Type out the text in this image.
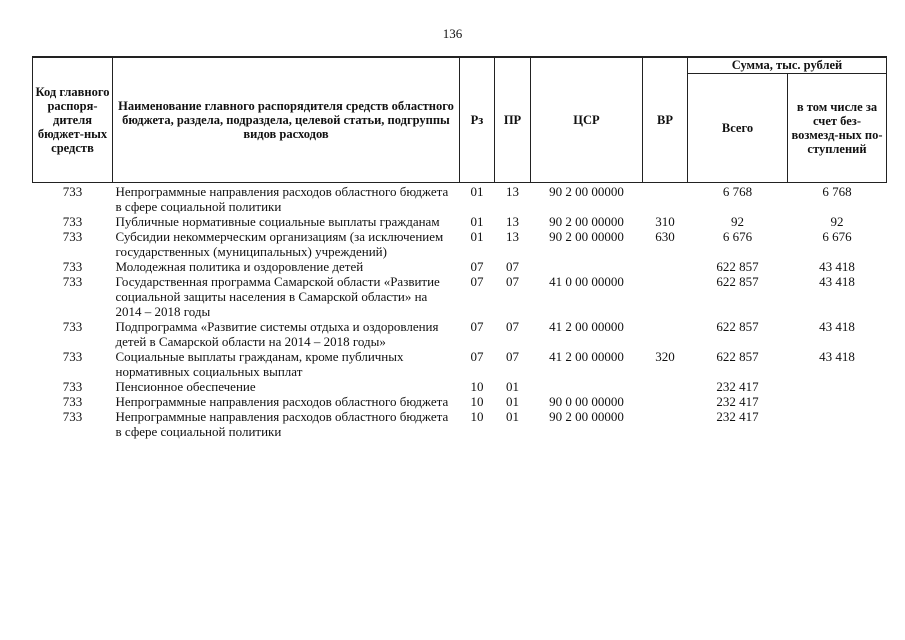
136
Код главного распоря-дителя бюджет-ных средств	Наименование главного распорядителя средств областного бюджета, раздела, подраздела, целевой статьи, подгруппы видов расходов	Рз	ПР	ЦСР	ВР	Сумма, тыс. рублей	
						Всего	в том числе за счет без-возмезд-ных по-ступлений
733	Непрограммные направления расходов областного бюджета в сфере социальной политики	01	13	90 2 00 00000		6 768	6 768
733	Публичные нормативные социальные выплаты гражданам	01	13	90 2 00 00000	310	92	92
733	Субсидии некоммерческим организациям (за исключением государственных (муниципальных) учреждений)	01	13	90 2 00 00000	630	6 676	6 676
733	Молодежная политика и оздоровление детей	07	07			622 857	43 418
733	Государственная программа Самарской области «Развитие социальной защиты населения в Самарской области» на 2014 – 2018 годы	07	07	41 0 00 00000		622 857	43 418
733	Подпрограмма «Развитие системы отдыха и оздоровления детей в Самарской области на 2014 – 2018 годы»	07	07	41 2 00 00000		622 857	43 418
733	Социальные выплаты гражданам, кроме публичных нормативных социальных выплат	07	07	41 2 00 00000	320	622 857	43 418
733	Пенсионное обеспечение	10	01			232 417	
733	Непрограммные направления расходов областного бюджета	10	01	90 0 00 00000		232 417	
733	Непрограммные направления расходов областного бюджета в сфере социальной политики	10	01	90 2 00 00000		232 417	
